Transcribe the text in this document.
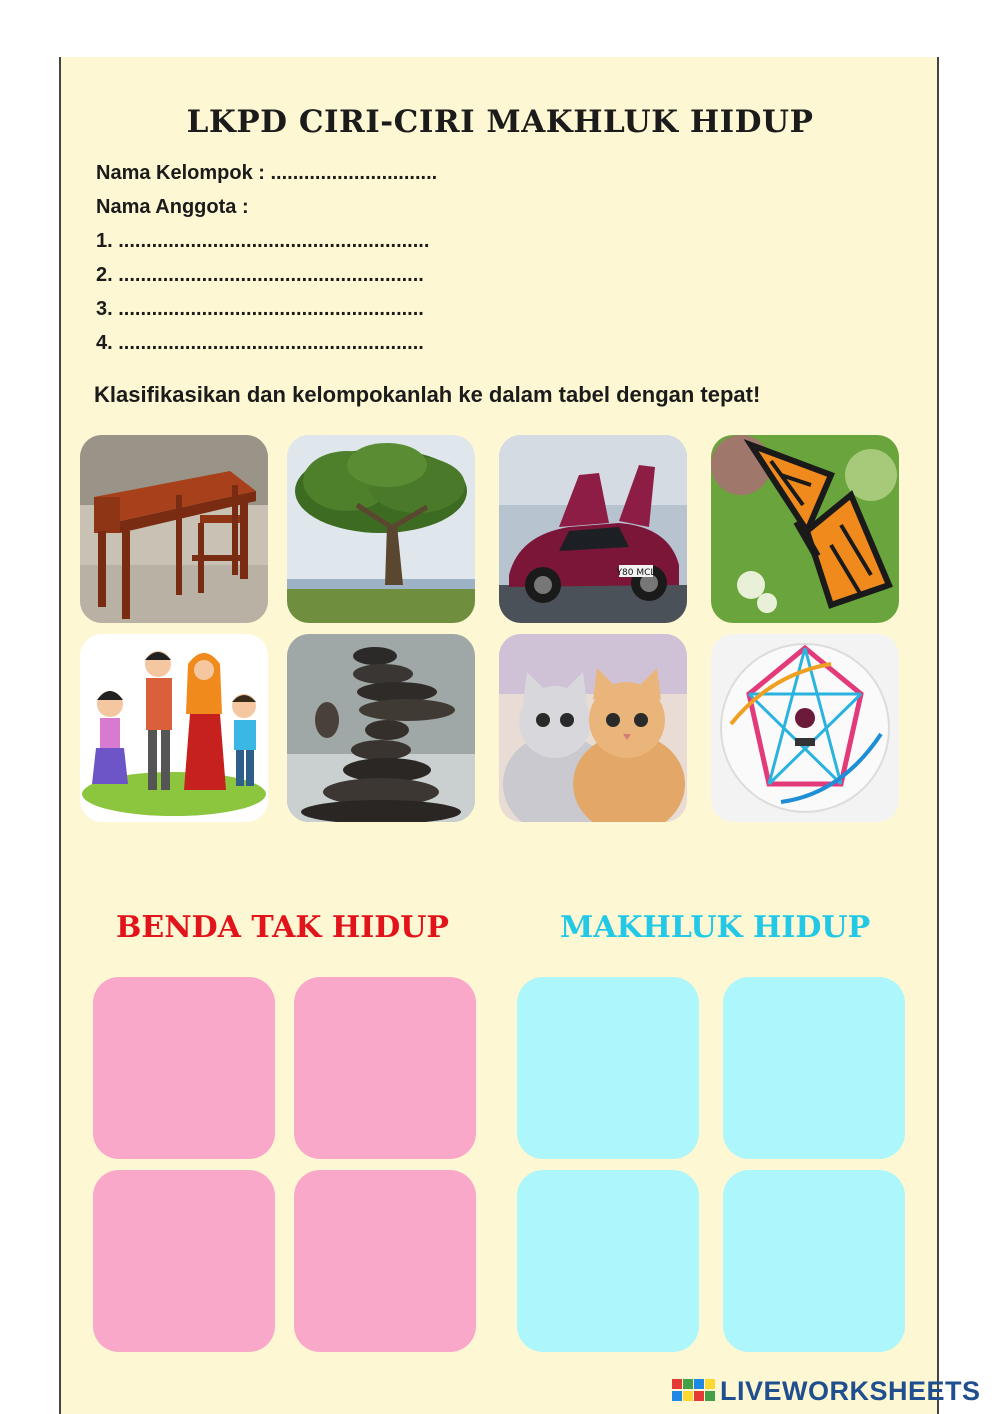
LKPD CIRI-CIRI MAKHLUK HIDUP
Nama Kelompok : ..............................
Nama Anggota :
1. ........................................................
2. .......................................................
3. .......................................................
4. .......................................................
Klasifikasikan dan kelompokanlah ke dalam tabel dengan tepat!
Y80 MCL
BENDA TAK HIDUP	MAKHLUK HIDUP
LIVEWORKSHEETS
